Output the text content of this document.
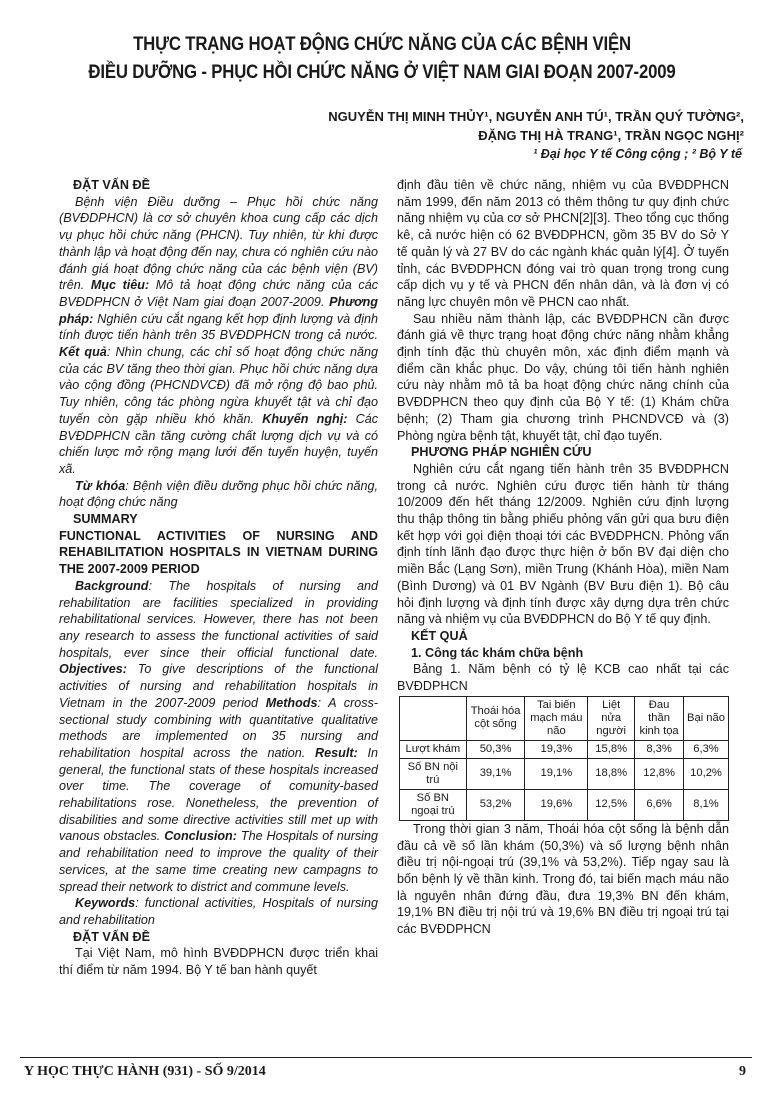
THỰC TRẠNG HOẠT ĐỘNG CHỨC NĂNG CỦA CÁC BỆNH VIỆN
ĐIỀU DƯỠNG - PHỤC HỒI CHỨC NĂNG Ở VIỆT NAM GIAI ĐOẠN 2007-2009
NGUYỄN THỊ MINH THỦY¹, NGUYỄN ANH TÚ¹, TRẦN QUÝ TƯỜNG²,
ĐẶNG THỊ HÀ TRANG¹, TRẦN NGỌC NGHỊ²
¹ Đại học Y tế Công cộng ; ² Bộ Y tế

ĐẶT VẤN ĐỀ

Bệnh viện Điều dưỡng – Phục hồi chức năng (BVĐDPHCN) là cơ sở chuyên khoa cung cấp các dịch vụ phục hồi chức năng (PHCN). Tuy nhiên, từ khi được thành lập và hoạt động đến nay, chưa có nghiên cứu nào đánh giá hoạt động chức năng của các bệnh viện (BV) trên. Mục tiêu: Mô tả hoạt động chức năng của các BVĐDPHCN ở Việt Nam giai đoạn 2007-2009. Phương pháp: Nghiên cứu cắt ngang kết hợp định lượng và định tính được tiến hành trên 35 BVĐDPHCN trong cả nước. Kết quả: Nhìn chung, các chỉ số hoạt động chức năng của các BV tăng theo thời gian. Phục hồi chức năng dựa vào cộng đồng (PHCNDVCĐ) đã mở rộng độ bao phủ. Tuy nhiên, công tác phòng ngừa khuyết tật và chỉ đạo tuyến còn gặp nhiều khó khăn. Khuyến nghị: Các BVĐDPHCN cần tăng cường chất lượng dịch vụ và có chiến lược mở rộng mạng lưới đến tuyến huyện, tuyến xã.

Từ khóa: Bệnh viện điều dưỡng phục hồi chức năng, hoạt động chức năng

SUMMARY

FUNCTIONAL ACTIVITIES OF NURSING AND REHABILITATION HOSPITALS IN VIETNAM DURING THE 2007-2009 PERIOD

Background: The hospitals of nursing and rehabilitation are facilities specialized in providing rehabilitational services. However, there has not been any research to assess the functional activities of said hospitals, ever since their official functional date. Objectives: To give descriptions of the functional activities of nursing and rehabilitation hospitals in Vietnam in the 2007-2009 period Methods: A cross-sectional study combining with quantitative qualitative methods are implemented on 35 nursing and rehabilitation hospital across the nation. Result: In general, the functional stats of these hospitals increased over time. The coverage of comunity-based rehabilitations rose. Nonetheless, the prevention of disabilities and some directive activities still met up with vanous obstacles. Conclusion: The Hospitals of nursing and rehabilitation need to improve the quality of their services, at the same time creating new campagns to spread their network to district and commune levels.

Keywords: functional activities, Hospitals of nursing and rehabilitation

ĐẶT VẤN ĐỀ

Tại Việt Nam, mô hình BVĐDPHCN được triển khai thí điểm từ năm 1994. Bộ Y tế ban hành quyết

định đầu tiên về chức năng, nhiệm vụ của BVĐDPHCN năm 1999, đến năm 2013 có thêm thông tư quy định chức năng nhiệm vụ của cơ sở PHCN[2][3]. Theo tổng cục thống kê, cả nước hiện có 62 BVĐDPHCN, gồm 35 BV do Sở Y tế quản lý và 27 BV do các ngành khác quản lý[4]. Ở tuyến tỉnh, các BVĐDPHCN đóng vai trò quan trọng trong cung cấp dịch vụ y tế và PHCN đến nhân dân, và là đơn vị có năng lực chuyên môn về PHCN cao nhất.

Sau nhiều năm thành lập, các BVĐDPHCN cần được đánh giá về thực trạng hoạt động chức năng nhằm khẳng định tính đặc thù chuyên môn, xác định điểm mạnh và điểm cần khắc phục. Do vậy, chúng tôi tiến hành nghiên cứu này nhằm mô tả ba hoạt động chức năng chính của BVĐDPHCN theo quy định của Bộ Y tế: (1) Khám chữa bệnh; (2) Tham gia chương trình PHCNDVCĐ và (3) Phòng ngừa bệnh tật, khuyết tật, chỉ đạo tuyến.

PHƯƠNG PHÁP NGHIÊN CỨU

Nghiên cứu cắt ngang tiến hành trên 35 BVĐDPHCN trong cả nước. Nghiên cứu được tiến hành từ tháng 10/2009 đến hết tháng 12/2009. Nghiên cứu định lượng thu thập thông tin bằng phiếu phỏng vấn gửi qua bưu điện kết hợp với gọi điện thoại tới các BVĐDPHCN. Phỏng vấn định tính lãnh đạo được thực hiện ở bốn BV đại diện cho miền Bắc (Lạng Sơn), miền Trung (Khánh Hòa), miền Nam (Bình Dương) và 01 BV Ngành (BV Bưu điện 1). Bộ câu hỏi định lượng và định tính được xây dựng dựa trên chức năng và nhiệm vụ của BVĐDPHCN do Bộ Y tế quy định.

KẾT QUẢ

1. Công tác khám chữa bệnh

Bảng 1. Năm bệnh có tỷ lệ KCB cao nhất tại các BVĐDPHCN

	Thoái hóa cột sống	Tai biến mạch máu não	Liệt nửa người	Đau thần kinh tọa	Bại não
Lượt khám	50,3%	19,3%	15,8%	8,3%	6,3%
Số BN nội trú	39,1%	19,1%	18,8%	12,8%	10,2%
Số BN ngoại trú	53,2%	19,6%	12,5%	6,6%	8,1%

Trong thời gian 3 năm, Thoái hóa cột sống là bệnh dẫn đầu cả về số lần khám (50,3%) và số lượng bệnh nhân điều trị nội-ngoại trú (39,1% và 53,2%). Tiếp ngay sau là bốn bệnh lý về thần kinh. Trong đó, tai biến mạch máu não là nguyên nhân đứng đầu, đưa 19,3% BN đến khám, 19,1% BN điều trị nội trú và 19,6% BN điều trị ngoại trú tại các BVĐDPHCN

Y HỌC THỰC HÀNH (931) - SỐ 9/2014	9
